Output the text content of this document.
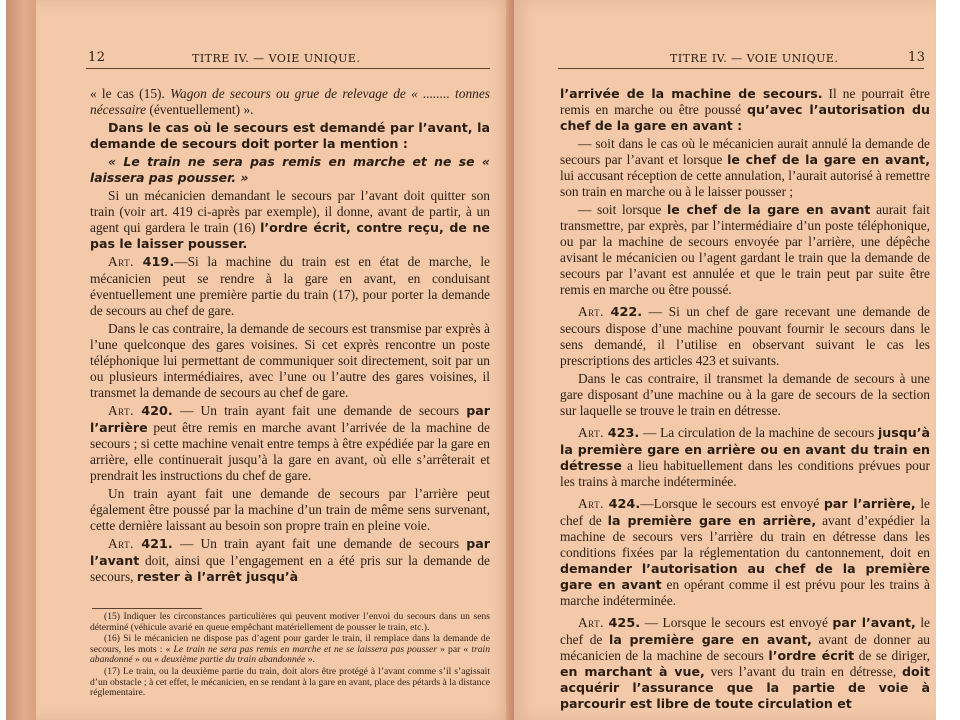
12	TITRE IV. — VOIE UNIQUE.

« le cas (15). Wagon de secours ou grue de relevage de « ........ tonnes nécessaire (éventuellement) ».

Dans le cas où le secours est demandé par l’avant, la demande de secours doit porter la mention :

« Le train ne sera pas remis en marche et ne se « laissera pas pousser. »

Si un mécanicien demandant le secours par l’avant doit quitter son train (voir art. 419 ci-après par exemple), il donne, avant de partir, à un agent qui gardera le train (16) l’ordre écrit, contre reçu, de ne pas le laisser pousser.

Art. 419.—Si la machine du train est en état de marche, le mécanicien peut se rendre à la gare en avant, en conduisant éventuellement une première partie du train (17), pour porter la demande de secours au chef de gare.

Dans le cas contraire, la demande de secours est transmise par exprès à l’une quelconque des gares voisines. Si cet exprès rencontre un poste téléphonique lui permettant de communiquer soit directement, soit par un ou plusieurs intermédiaires, avec l’une ou l’autre des gares voisines, il transmet la demande de secours au chef de gare.

Art. 420. — Un train ayant fait une demande de secours par l’arrière peut être remis en marche avant l’arrivée de la machine de secours ; si cette machine venait entre temps à être expédiée par la gare en arrière, elle continuerait jusqu’à la gare en avant, où elle s’arrêterait et prendrait les instructions du chef de gare.

Un train ayant fait une demande de secours par l’arrière peut également être poussé par la machine d’un train de même sens survenant, cette dernière laissant au besoin son propre train en pleine voie.

Art. 421. — Un train ayant fait une demande de secours par l’avant doit, ainsi que l’engagement en a été pris sur la demande de secours, rester à l’arrêt jusqu’à

(15) Indiquer les circonstances particulières qui peuvent motiver l’envoi du secours dans un sens déterminé (véhicule avarié en queue empêchant matériellement de pousser le train, etc.).

(16) Si le mécanicien ne dispose pas d’agent pour garder le train, il remplace dans la demande de secours, les mots : « Le train ne sera pas remis en marche et ne se laissera pas pousser » par « train abandonné » ou « deuxième partie du train abandonnée ».

(17) Le train, ou la deuxième partie du train, doit alors être protégé à l’avant comme s’il s’agissait d’un obstacle ; à cet effet, le mécanicien, en se rendant à la gare en avant, place des pétards à la distance réglementaire.

TITRE IV. — VOIE UNIQUE.	13

l’arrivée de la machine de secours. Il ne pourrait être remis en marche ou être poussé qu’avec l’autorisation du chef de la gare en avant :

— soit dans le cas où le mécanicien aurait annulé la demande de secours par l’avant et lorsque le chef de la gare en avant, lui accusant réception de cette annulation, l’aurait autorisé à remettre son train en marche ou à le laisser pousser ;

— soit lorsque le chef de la gare en avant aurait fait transmettre, par exprès, par l’intermédiaire d’un poste téléphonique, ou par la machine de secours envoyée par l’arrière, une dépêche avisant le mécanicien ou l’agent gardant le train que la demande de secours par l’avant est annulée et que le train peut par suite être remis en marche ou être poussé.

Art. 422. — Si un chef de gare recevant une demande de secours dispose d’une machine pouvant fournir le secours dans le sens demandé, il l’utilise en observant suivant le cas les prescriptions des articles 423 et suivants.

Dans le cas contraire, il transmet la demande de secours à une gare disposant d’une machine ou à la gare de secours de la section sur laquelle se trouve le train en détresse.

Art. 423. — La circulation de la machine de secours jusqu’à la première gare en arrière ou en avant du train en détresse a lieu habituellement dans les conditions prévues pour les trains à marche indéterminée.

Art. 424.—Lorsque le secours est envoyé par l’arrière, le chef de la première gare en arrière, avant d’expédier la machine de secours vers l’arrière du train en détresse dans les conditions fixées par la réglementation du cantonnement, doit en demander l’autorisation au chef de la première gare en avant en opérant comme il est prévu pour les trains à marche indéterminée.

Art. 425. — Lorsque le secours est envoyé par l’avant, le chef de la première gare en avant, avant de donner au mécanicien de la machine de secours l’ordre écrit de se diriger, en marchant à vue, vers l’avant du train en détresse, doit acquérir l’assurance que la partie de voie à parcourir est libre de toute circulation et
